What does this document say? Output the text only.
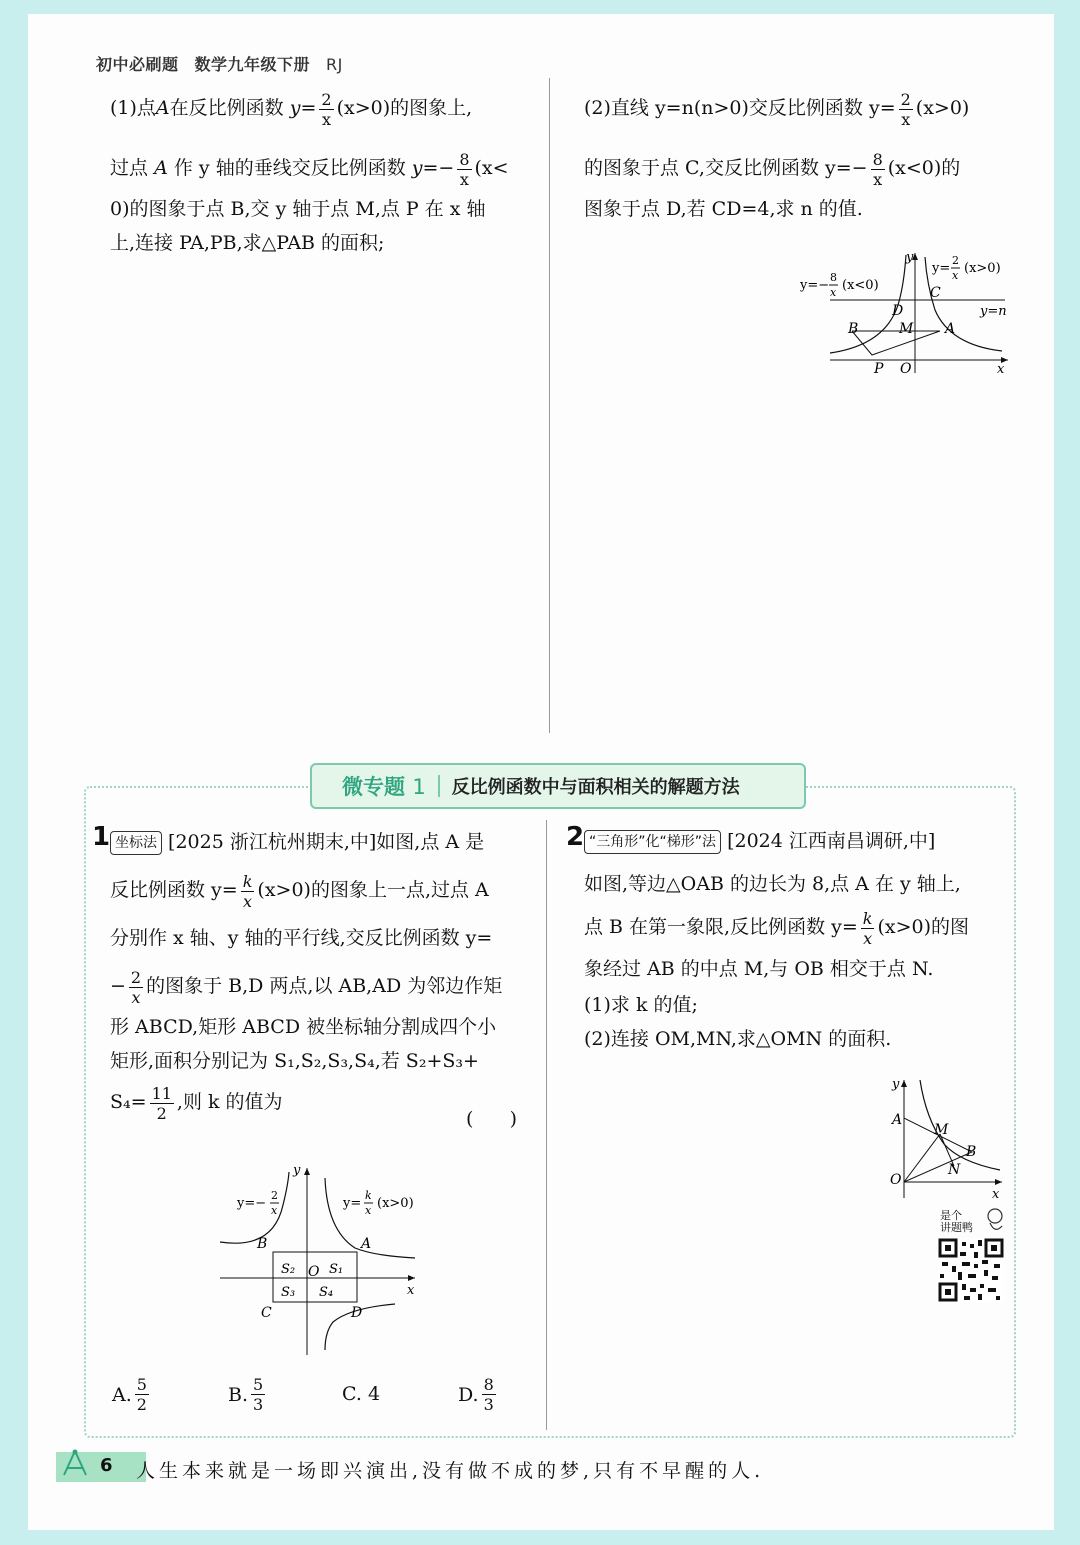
初中必刷题 数学九年级下册 RJ

(1)点A在反比例函数 $y= \frac{2}{x} (x>0)$的图象上,

过点 A 作 y 轴的垂线交反比例函数 $y=- \frac{8}{x} (x<$

0)的图象于点 B,交 y 轴于点 M,点 P 在 x 轴

上,连接 PA,PB,求△PAB 的面积;

(2)直线 y=n(n>0)交反比例函数 $y= \frac{2}{x} (x>0)$

的图象于点 C,交反比例函数 $y=- \frac{8}{x} (x<0)$的

图象于点 D,若 CD=4,求 n 的值.

y=−
8
x (x<0)
y=
2
x (x>0)
y=n
D
C
B	M A
P O	x
y
微专题 1 反比例函数中与面积相关的解题方法
1 坐标法 [2025 浙江杭州期末,中]如图,点 A 是

反比例函数 $y= \frac{k}{x} (x>0)$的图象上一点,过点 A

分别作 x 轴、y 轴的平行线,交反比例函数 y=

− $\frac{2}{x}$ 的图象于 B,D 两点,以 AB,AD 为邻边作矩

形 ABCD,矩形 ABCD 被坐标轴分割成四个小

矩形,面积分别记为 S₁,S₂,S₃,S₄,若 S₂+S₃+

$S_4= \frac{11}{2}$ ,则 k 的值为

(      )
y=−
2
x	y=
k
x (x>0)
B	A
C	D
O
x
y
S₂	S₁
S₃ S₄
A. $\frac{5}{2}$	B. $\frac{5}{3}$	C.
4	D. $\frac{8}{3}$
2 “三角形”化“梯形”法 [2024 江西南昌调研,中]

如图,等边△OAB 的边长为 8,点 A 在 y 轴上,

点 B 在第一象限,反比例函数 $y= \frac{k}{x} (x>0)$的图

象经过 AB 的中点 M,与 OB 相交于点 N.

(1)求 k 的值;

(2)连接 OM,MN,求△OMN 的面积.

A
M
B
N
O
x
y
是个
讲题鸭
6 人生本来就是一场即兴演出,没有做不成的梦,只有不早醒的人.
